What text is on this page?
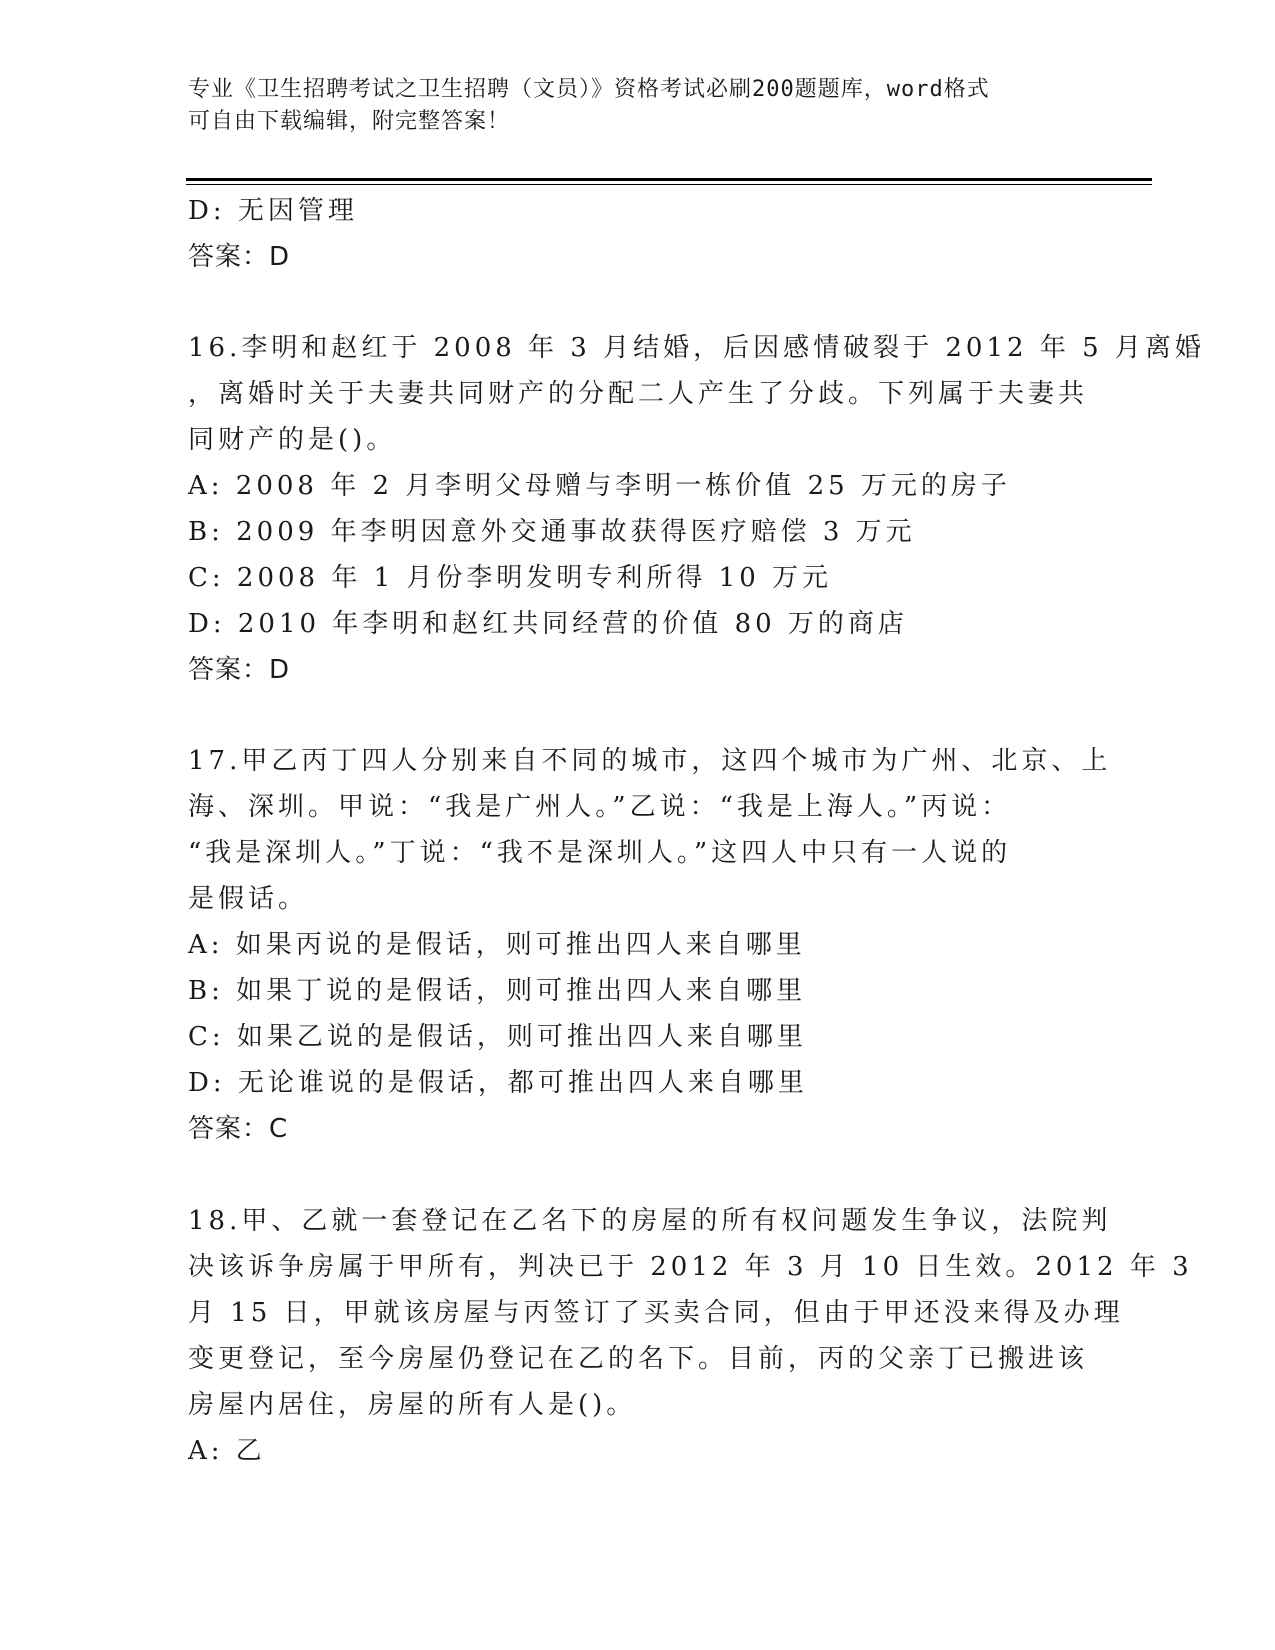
专业《卫生招聘考试之卫生招聘（文员）》资格考试必刷200题题库，word格式
可自由下载编辑，附完整答案！
D: 无因管理
答案：D
16.李明和赵红于 2008 年 3 月结婚，后因感情破裂于 2012 年 5 月离婚
，离婚时关于夫妻共同财产的分配二人产生了分歧。下列属于夫妻共
同财产的是()。
A: 2008 年 2 月李明父母赠与李明一栋价值 25 万元的房子
B: 2009 年李明因意外交通事故获得医疗赔偿 3 万元
C: 2008 年 1 月份李明发明专利所得 10 万元
D: 2010 年李明和赵红共同经营的价值 80 万的商店
答案：D
17.甲乙丙丁四人分别来自不同的城市，这四个城市为广州、北京、上
海、深圳。甲说：“我是广州人。”乙说：“我是上海人。”丙说：
“我是深圳人。”丁说：“我不是深圳人。”这四人中只有一人说的
是假话。
A: 如果丙说的是假话，则可推出四人来自哪里
B: 如果丁说的是假话，则可推出四人来自哪里
C: 如果乙说的是假话，则可推出四人来自哪里
D: 无论谁说的是假话，都可推出四人来自哪里
答案：C
18.甲、乙就一套登记在乙名下的房屋的所有权问题发生争议，法院判
决该诉争房属于甲所有，判决已于 2012 年 3 月 10 日生效。2012 年 3
月 15 日，甲就该房屋与丙签订了买卖合同，但由于甲还没来得及办理
变更登记，至今房屋仍登记在乙的名下。目前，丙的父亲丁已搬进该
房屋内居住，房屋的所有人是()。
A: 乙
